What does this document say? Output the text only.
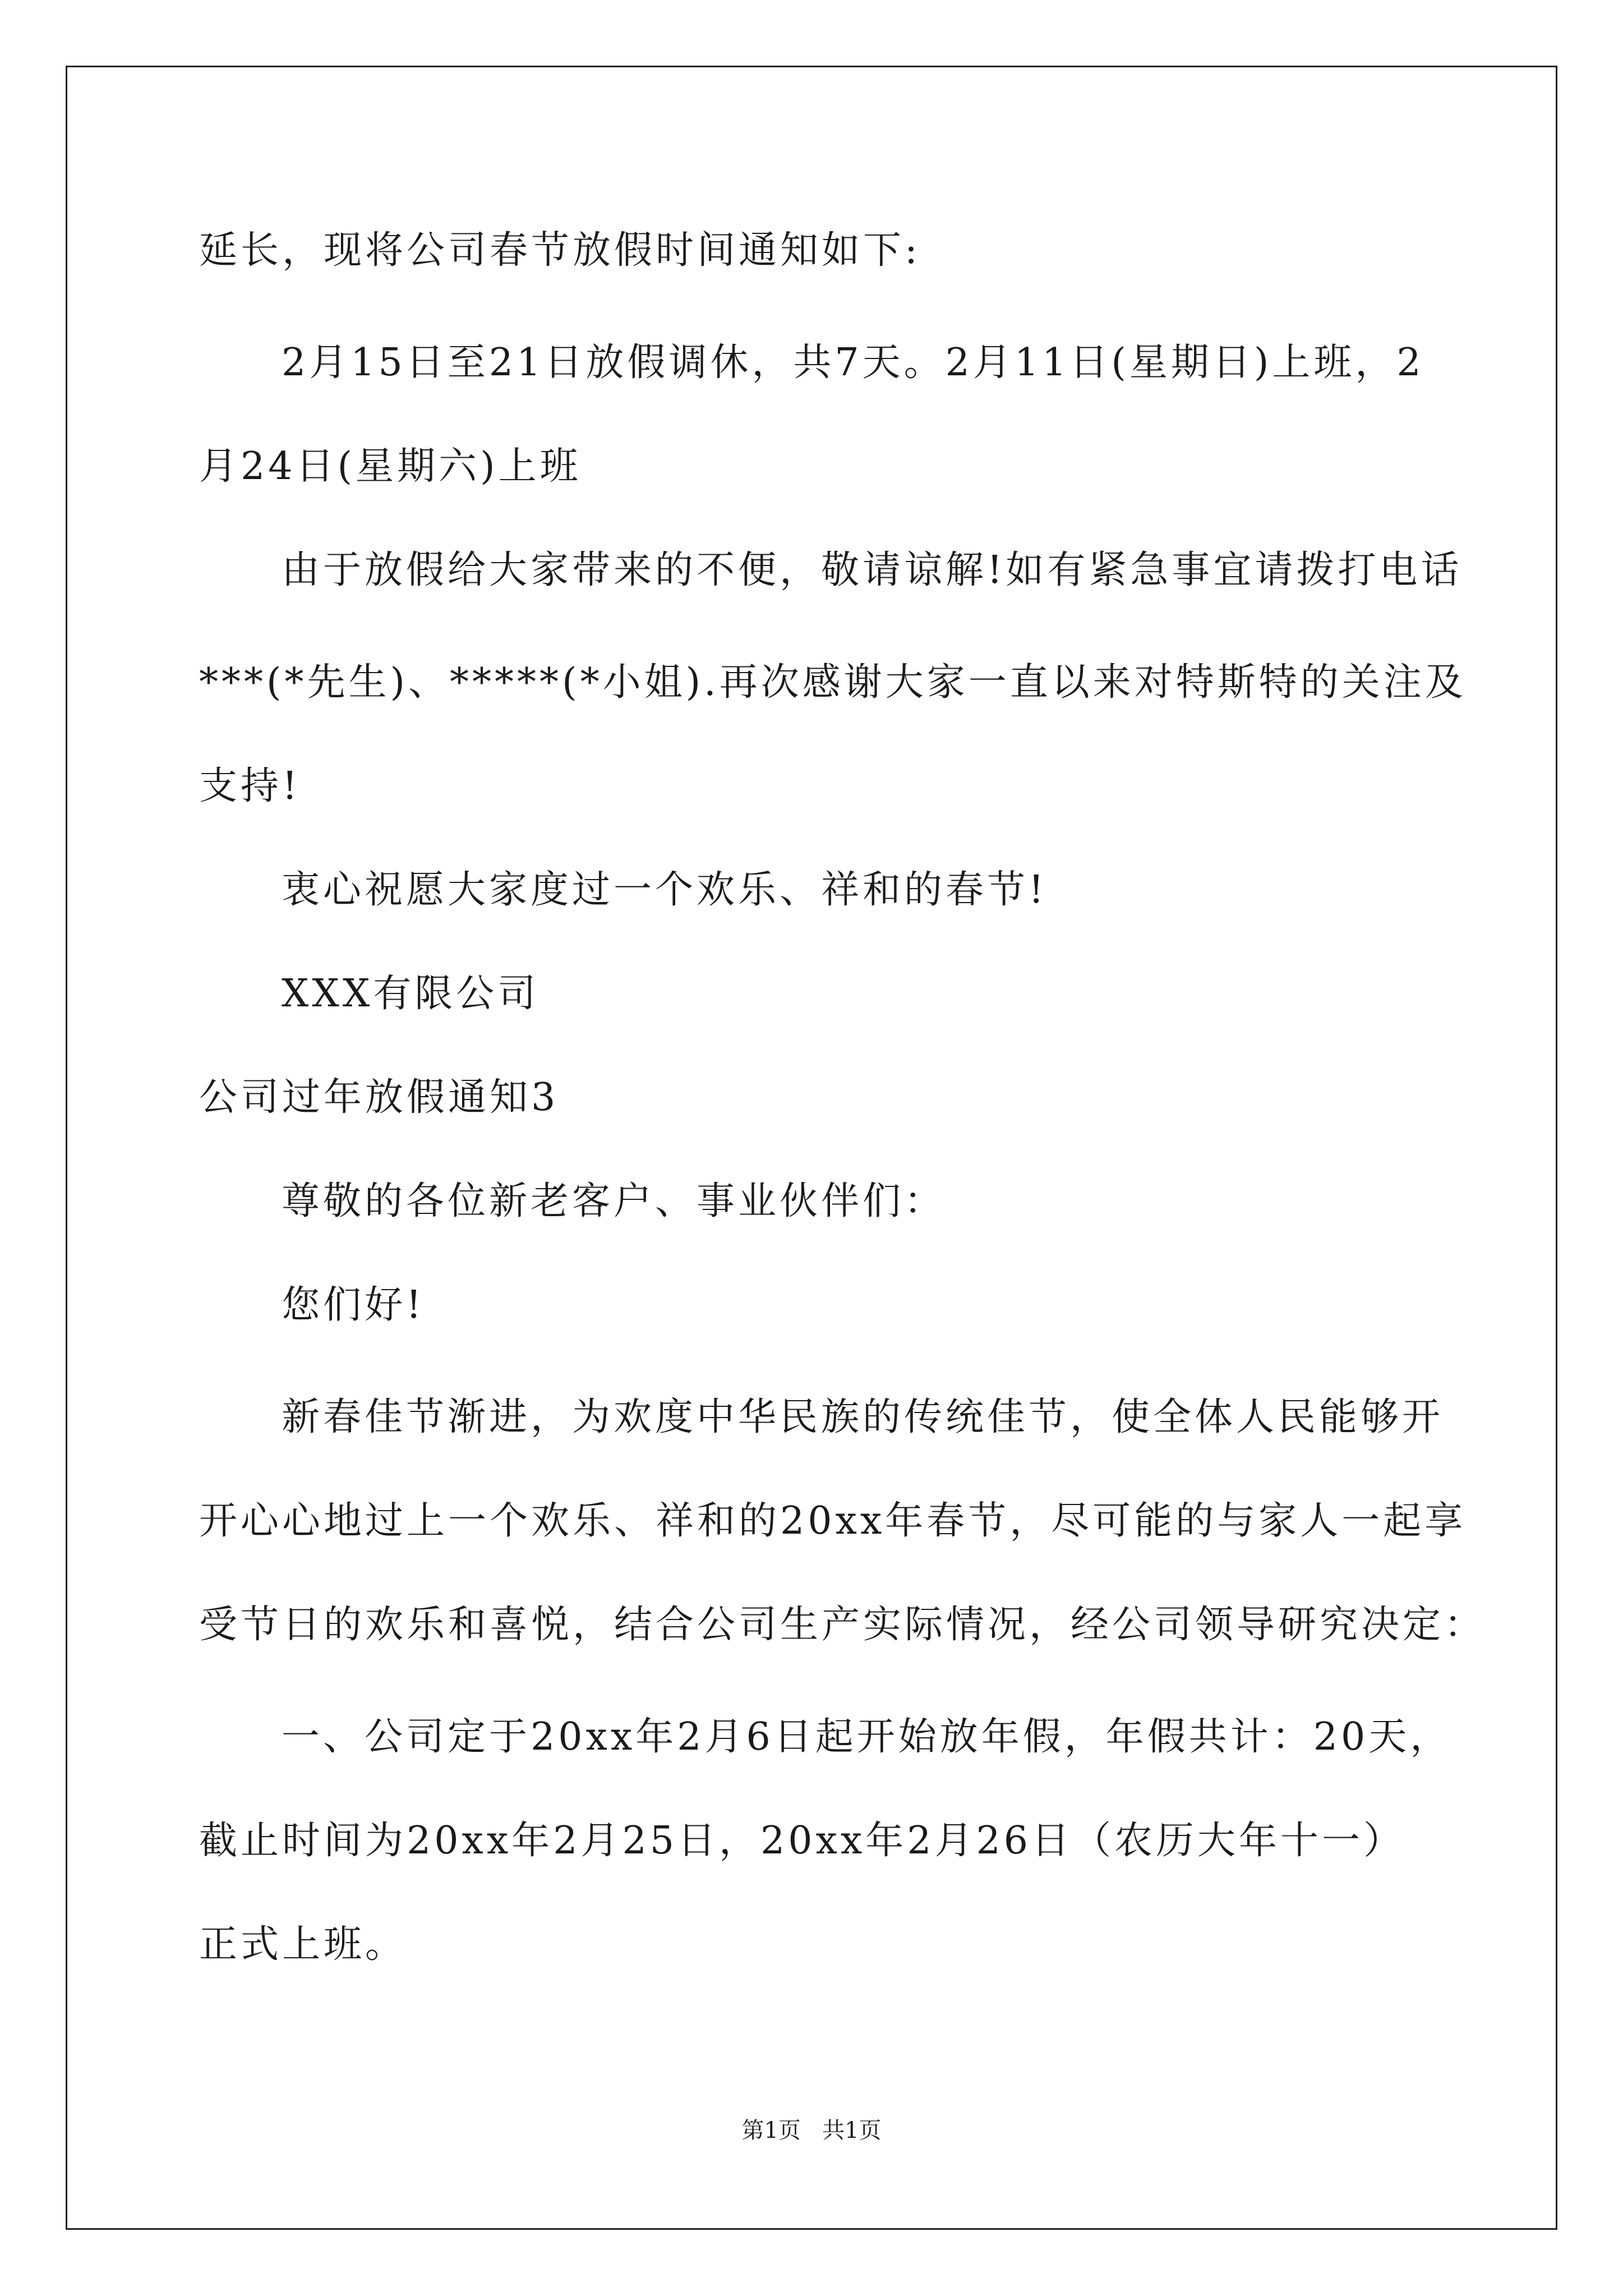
延长，现将公司春节放假时间通知如下:
2月15日至21日放假调休，共7天。2月11日(星期日)上班，2
月24日(星期六)上班
由于放假给大家带来的不便，敬请谅解!如有紧急事宜请拨打电话
***(*先生)、*****(*小姐).再次感谢大家一直以来对特斯特的关注及
支持!
衷心祝愿大家度过一个欢乐、祥和的春节!
XXX有限公司
公司过年放假通知3
尊敬的各位新老客户、事业伙伴们：
您们好!
新春佳节渐进，为欢度中华民族的传统佳节，使全体人民能够开
开心心地过上一个欢乐、祥和的20xx年春节，尽可能的与家人一起享
受节日的欢乐和喜悦，结合公司生产实际情况，经公司领导研究决定：
一、公司定于20xx年2月6日起开始放年假，年假共计：20天，
截止时间为20xx年2月25日，20xx年2月26日（农历大年十一）
正式上班。
第1页   共1页
